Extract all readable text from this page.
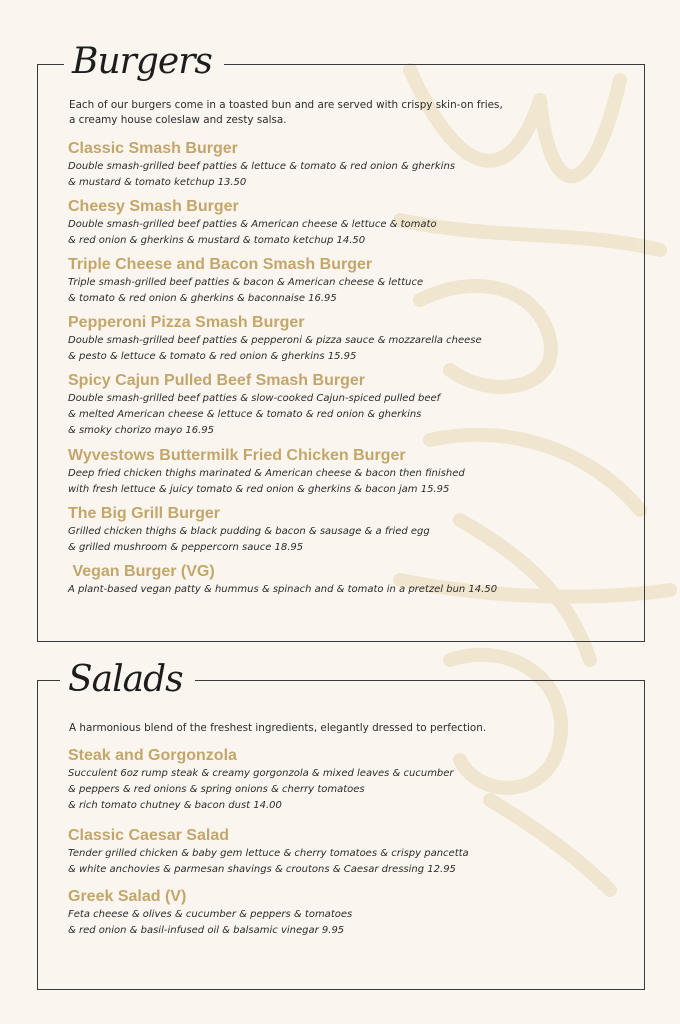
Burgers
Each of our burgers come in a toasted bun and are served with crispy skin-on fries,
a creamy house coleslaw and zesty salsa.
Classic Smash Burger
Double smash-grilled beef patties & lettuce & tomato & red onion & gherkins
& mustard & tomato ketchup 13.50
Cheesy Smash Burger
Double smash-grilled beef patties & American cheese & lettuce & tomato
& red onion & gherkins & mustard & tomato ketchup 14.50
Triple Cheese and Bacon Smash Burger
Triple smash-grilled beef patties & bacon & American cheese & lettuce
& tomato & red onion & gherkins & baconnaise 16.95
Pepperoni Pizza Smash Burger
Double smash-grilled beef patties & pepperoni & pizza sauce & mozzarella cheese
& pesto & lettuce & tomato & red onion & gherkins 15.95
Spicy Cajun Pulled Beef Smash Burger
Double smash-grilled beef patties & slow-cooked Cajun-spiced pulled beef
& melted American cheese & lettuce & tomato & red onion & gherkins
& smoky chorizo mayo 16.95
Wyvestows Buttermilk Fried Chicken Burger
Deep fried chicken thighs marinated & American cheese & bacon then finished
with fresh lettuce & juicy tomato & red onion & gherkins & bacon jam 15.95
The Big Grill Burger
Grilled chicken thighs & black pudding & bacon & sausage & a fried egg
& grilled mushroom & peppercorn sauce 18.95
Vegan Burger (VG)
A plant-based vegan patty & hummus & spinach and & tomato in a pretzel bun 14.50
Salads
A harmonious blend of the freshest ingredients, elegantly dressed to perfection.
Steak and Gorgonzola
Succulent 6oz rump steak & creamy gorgonzola & mixed leaves & cucumber
& peppers & red onions & spring onions & cherry tomatoes
& rich tomato chutney & bacon dust 14.00
Classic Caesar Salad
Tender grilled chicken & baby gem lettuce & cherry tomatoes & crispy pancetta
& white anchovies & parmesan shavings & croutons & Caesar dressing 12.95
Greek Salad (V)
Feta cheese & olives & cucumber & peppers & tomatoes
& red onion & basil-infused oil & balsamic vinegar 9.95
